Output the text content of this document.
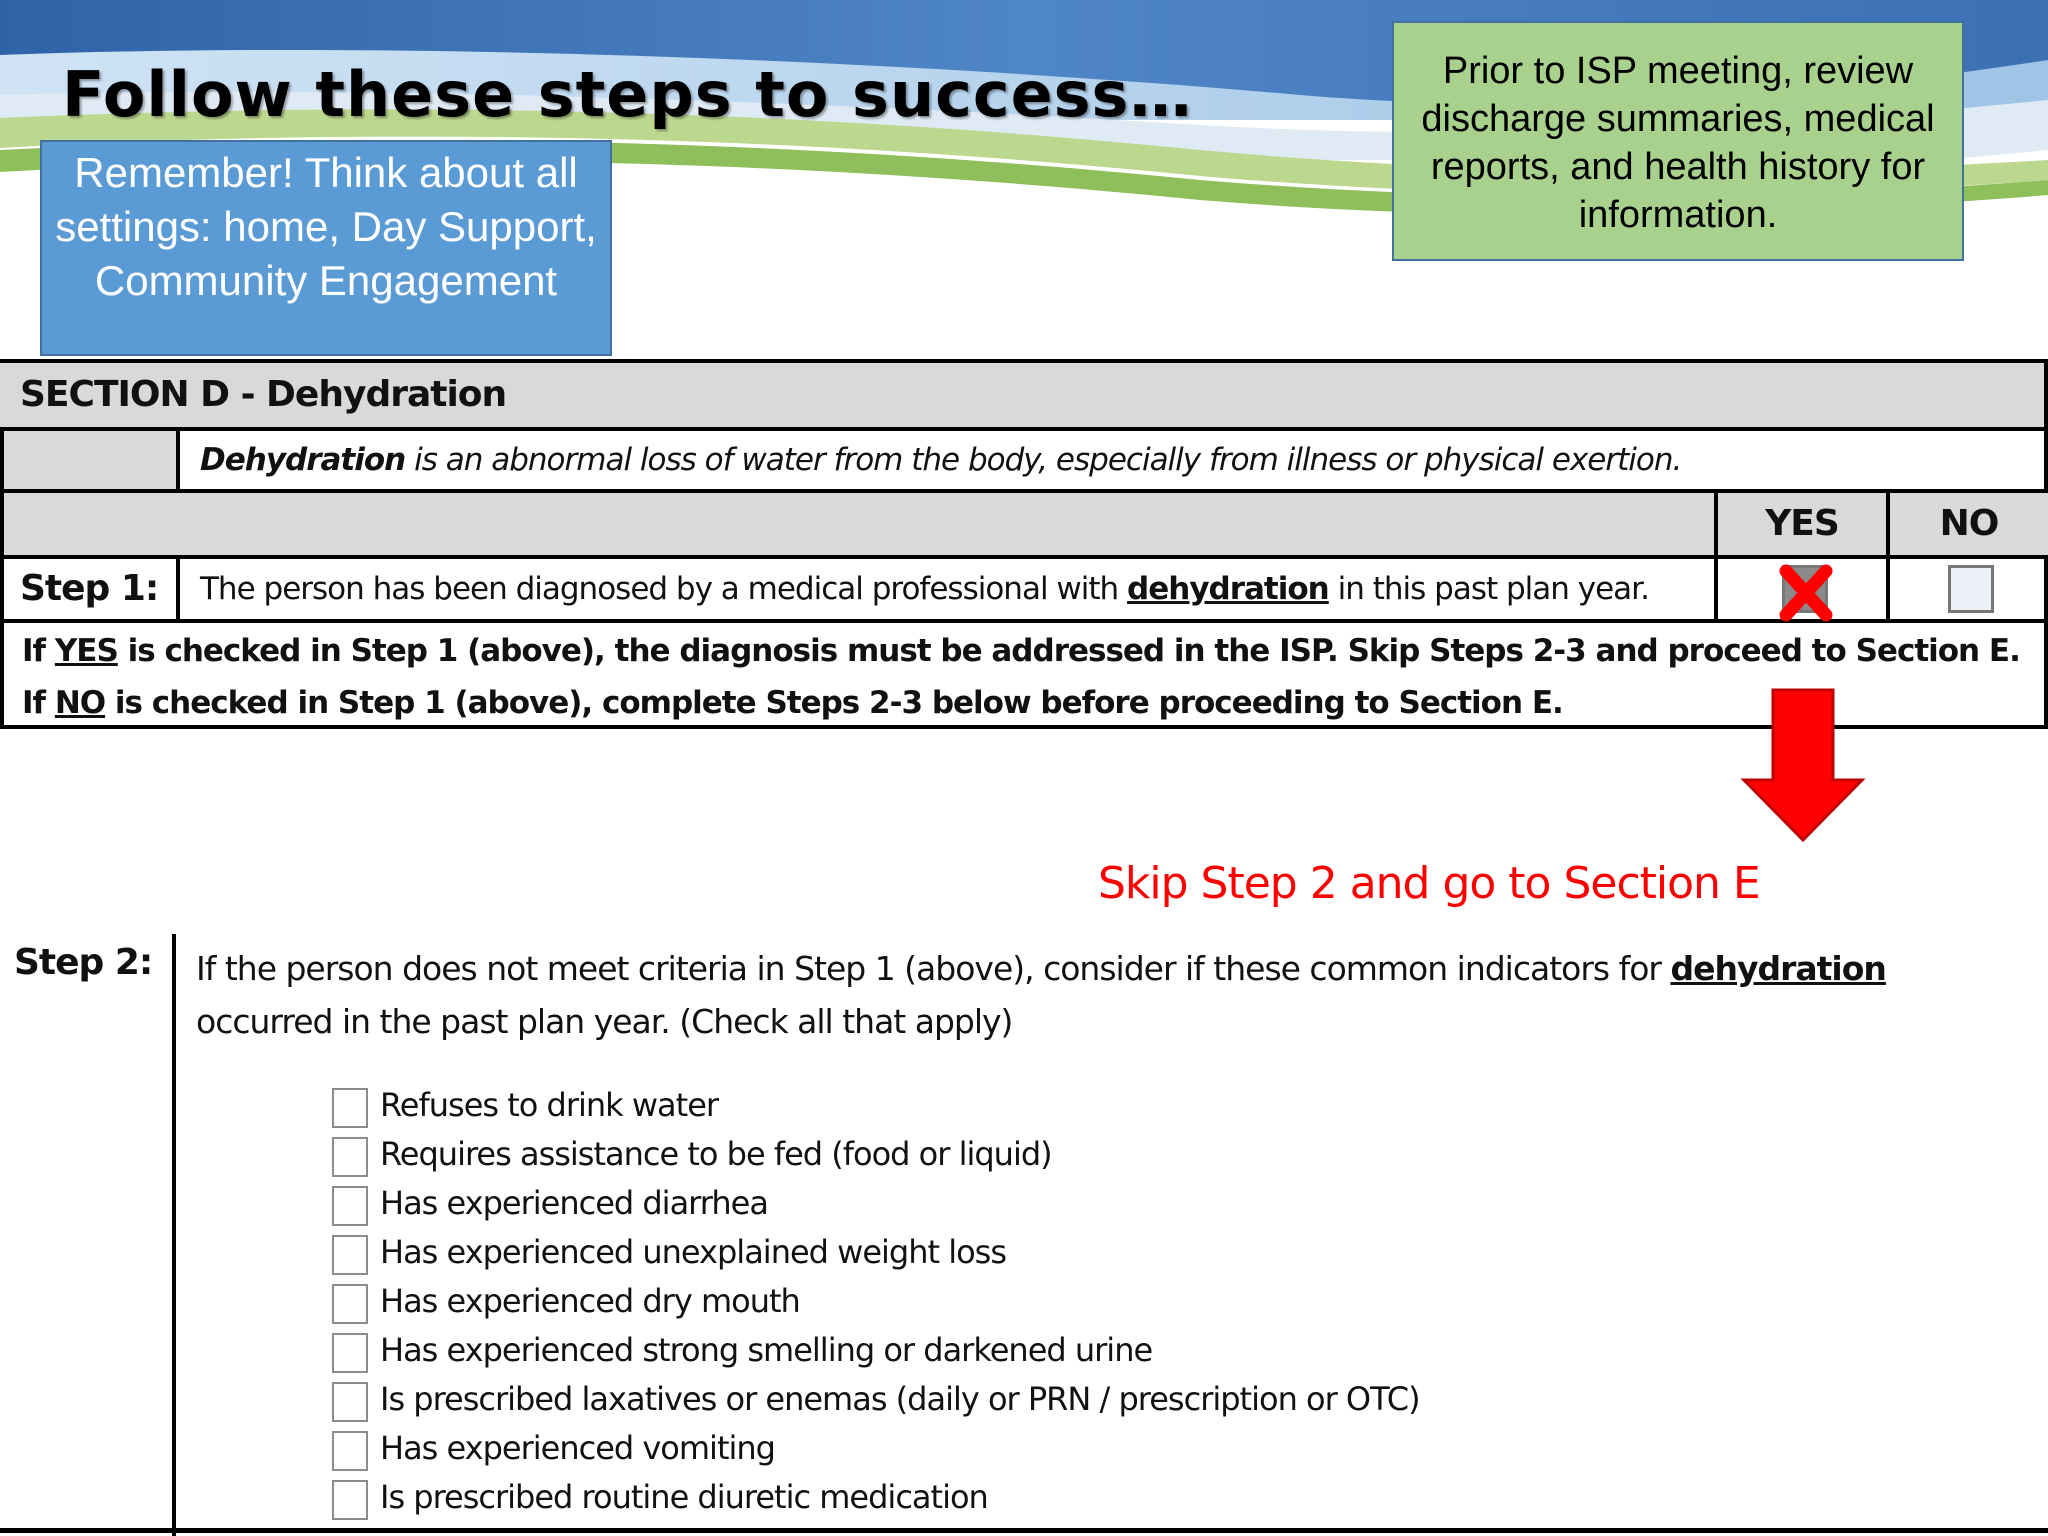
Follow these steps to success…
Remember! Think about all settings: home, Day Support, Community Engagement
Prior to ISP meeting, review discharge summaries, medical reports, and health history for information.
SECTION D - Dehydration
Dehydration is an abnormal loss of water from the body, especially from illness or physical exertion.
YES	NO
Step 1:	The person has been diagnosed by a medical professional with dehydration in this past plan year.
If YES is checked in Step 1 (above), the diagnosis must be addressed in the ISP. Skip Steps 2-3 and proceed to Section E.
If NO is checked in Step 1 (above), complete Steps 2-3 below before proceeding to Section E.
Skip Step 2 and go to Section E
Step 2: If the person does not meet criteria in Step 1 (above), consider if these common indicators for dehydration occurred in the past plan year. (Check all that apply)
Refuses to drink water
Requires assistance to be fed (food or liquid)
Has experienced diarrhea
Has experienced unexplained weight loss
Has experienced dry mouth
Has experienced strong smelling or darkened urine
Is prescribed laxatives or enemas (daily or PRN / prescription or OTC)
Has experienced vomiting
Is prescribed routine diuretic medication
